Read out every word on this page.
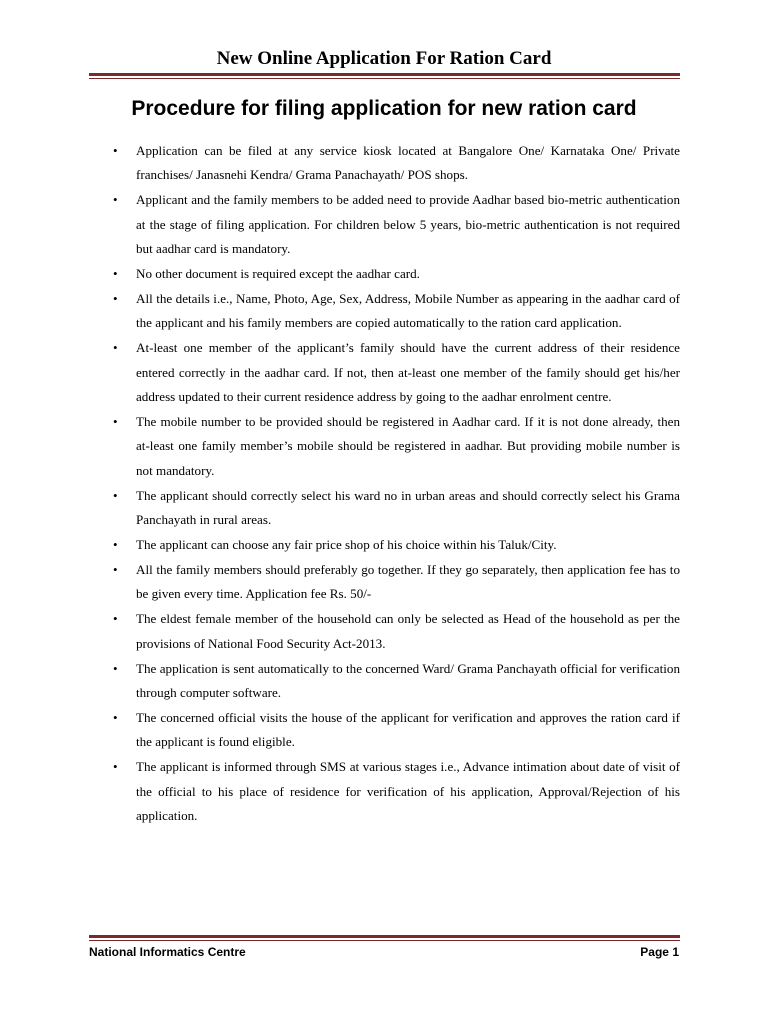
New Online Application For Ration Card
Procedure for filing application for new ration card
• Application can be filed at any service kiosk located at Bangalore One/ Karnataka One/ Private franchises/ Janasnehi Kendra/ Grama Panachayath/ POS shops.
• Applicant and the family members to be added need to provide Aadhar based bio-metric authentication at the stage of filing application. For children below 5 years, bio-metric authentication is not required but aadhar card is mandatory.
• No other document is required except the aadhar card.
• All the details i.e., Name, Photo, Age, Sex, Address, Mobile Number as appearing in the aadhar card of the applicant and his family members are copied automatically to the ration card application.
• At-least one member of the applicant’s family should have the current address of their residence entered correctly in the aadhar card. If not, then at-least one member of the family should get his/her address updated to their current residence address by going to the aadhar enrolment centre.
• The mobile number to be provided should be registered in Aadhar card. If it is not done already, then at-least one family member’s mobile should be registered in aadhar. But providing mobile number is not mandatory.
• The applicant should correctly select his ward no in urban areas and should correctly select his Grama Panchayath in rural areas.
• The applicant can choose any fair price shop of his choice within his Taluk/City.
• All the family members should preferably go together. If they go separately, then application fee has to be given every time. Application fee Rs. 50/-
• The eldest female member of the household can only be selected as Head of the household as per the provisions of National Food Security Act-2013.
• The application is sent automatically to the concerned Ward/ Grama Panchayath official for verification through computer software.
• The concerned official visits the house of the applicant for verification and approves the ration card if the applicant is found eligible.
• The applicant is informed through SMS at various stages i.e., Advance intimation about date of visit of the official to his place of residence for verification of his application, Approval/Rejection of his application.
National Informatics Centre	Page 1
